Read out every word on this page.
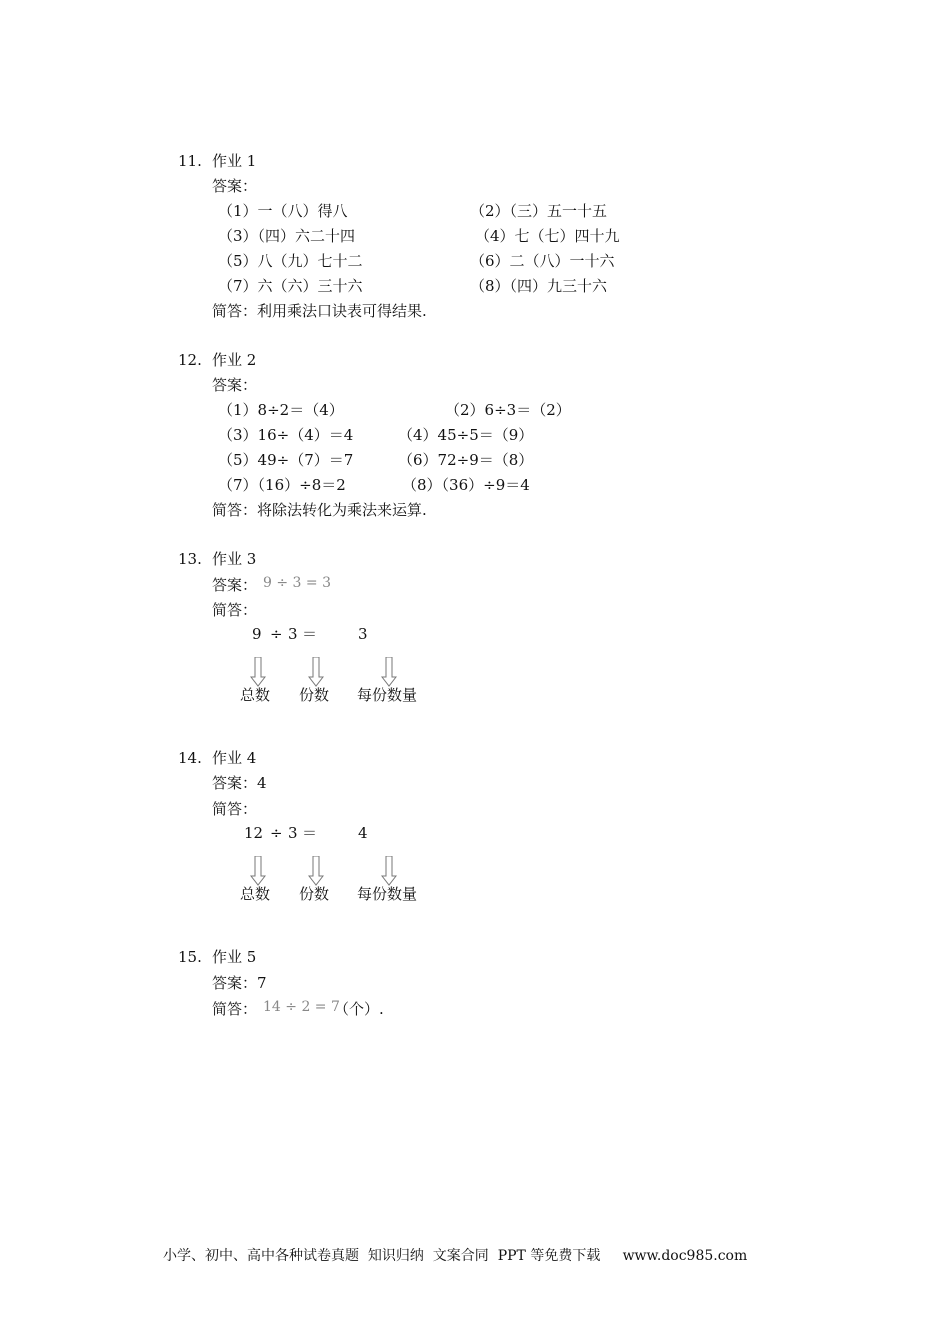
11. 作业 1
答案：
（1）一（八）得八	（2）（三）五一十五
（3）（四）六二十四	（4）七（七）四十九
（5）八（九）七十二	（6）二（八）一十六
（7）六（六）三十六	（8）（四）九三十六
简答：利用乘法口诀表可得结果.
12. 作业 2
答案：
（1）8÷2＝（4）	（2）6÷3＝（2）
（3）16÷（4）＝4	（4）45÷5＝（9）
（5）49÷（7）＝7	（6）72÷9＝（8）
（7）（16）÷8＝2	（8）（36）÷9＝4
简答：将除法转化为乘法来运算.
13. 作业 3
答案： 9 ÷ 3 = 3
简答：
9 ÷ 3 ＝	3
总数 份数 每份数量
14. 作业 4
答案：4
简答：
12 ÷ 3 ＝	4
总数 份数 每份数量
15. 作业 5
答案：7
简答： 14 ÷ 2 = 7
（个）.
小学、初中、高中各种试卷真题  知识归纳  文案合同  PPT 等免费下载     www.doc985.com
